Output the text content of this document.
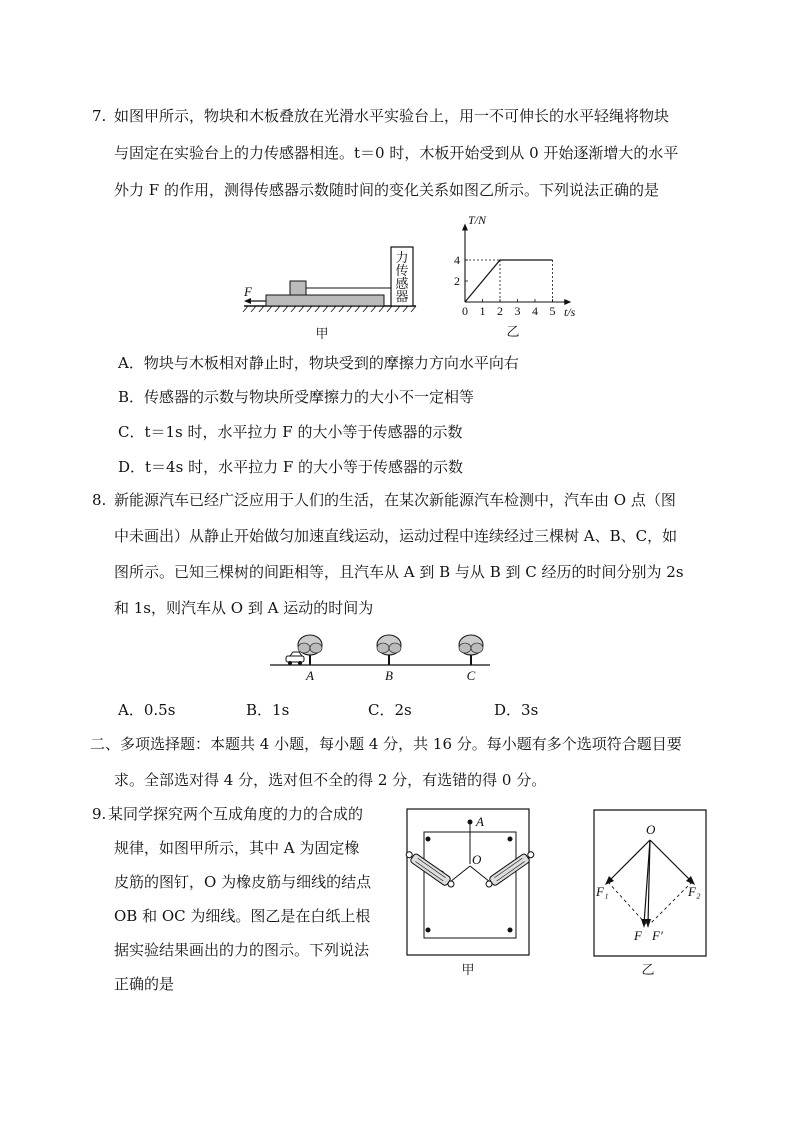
7. 如图甲所示，物块和木板叠放在光滑水平实验台上，用一不可伸长的水平轻绳将物块
与固定在实验台上的力传感器相连。t＝0 时，木板开始受到从 0 开始逐渐增大的水平
外力 F 的作用，测得传感器示数随时间的变化关系如图乙所示。下列说法正确的是
力
传
感
器
F
甲
0 1 2 3 4 5
2
4
T/N
t/s
乙
A．物块与木板相对静止时，物块受到的摩擦力方向水平向右
B．传感器的示数与物块所受摩擦力的大小不一定相等
C．t＝1s 时，水平拉力 F 的大小等于传感器的示数
D．t＝4s 时，水平拉力 F 的大小等于传感器的示数
8. 新能源汽车已经广泛应用于人们的生活，在某次新能源汽车检测中，汽车由 O 点（图
中未画出）从静止开始做匀加速直线运动，运动过程中连续经过三棵树 A、B、C，如
图所示。已知三棵树的间距相等，且汽车从 A 到 B 与从 B 到 C 经历的时间分别为 2s
和 1s，则汽车从 O 到 A 运动的时间为
A	B	C
A．0.5s	B．1s	C．2s	D．3s
二、多项选择题：本题共 4 小题，每小题 4 分，共 16 分。每小题有多个选项符合题目要
求。全部选对得 4 分，选对但不全的得 2 分，有选错的得 0 分。
9. 某同学探究两个互成角度的力的合成的
规律，如图甲所示，其中 A 为固定橡
皮筋的图钉，O 为橡皮筋与细线的结点
OB 和 OC 为细线。图乙是在白纸上根
据实验结果画出的力的图示。下列说法
正确的是
A
O
甲
O
F₁	F₂
F F′
乙
